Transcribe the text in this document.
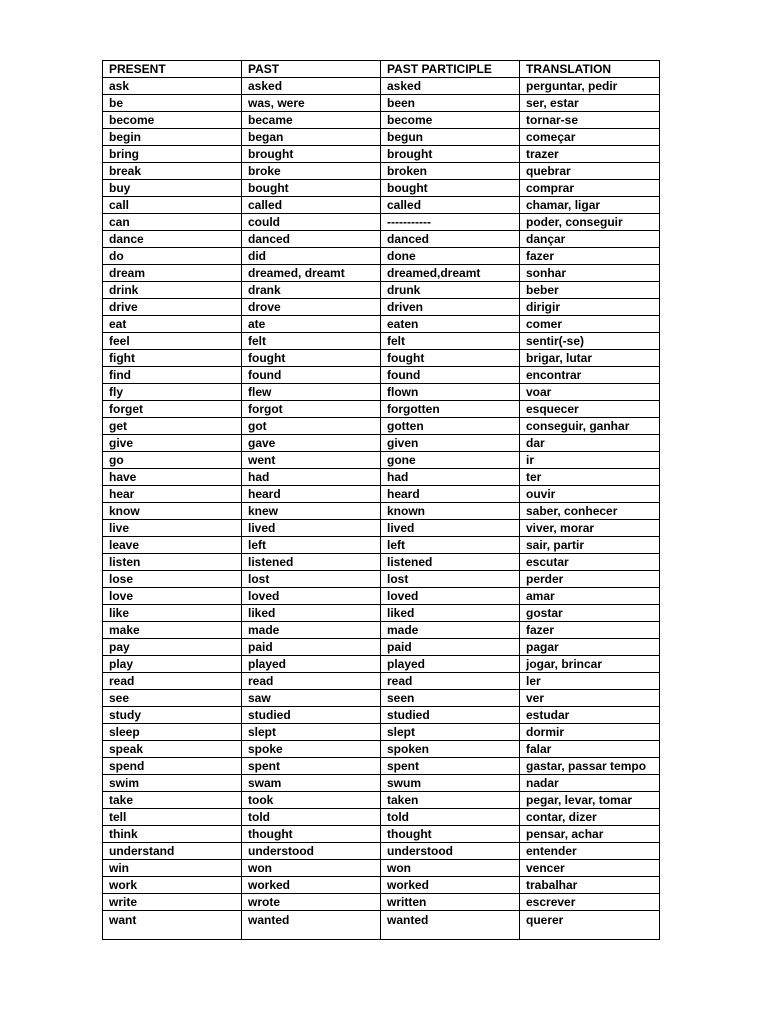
PRESENT	PAST	PAST PARTICIPLE	TRANSLATION
ask	asked	asked	perguntar, pedir
be	was, were	been	ser, estar
become	became	become	tornar-se
begin	began	begun	começar
bring	brought	brought	trazer
break	broke	broken	quebrar
buy	bought	bought	comprar
call	called	called	chamar, ligar
can	could	-----------	poder, conseguir
dance	danced	danced	dançar
do	did	done	fazer
dream	dreamed, dreamt	dreamed,dreamt	sonhar
drink	drank	drunk	beber
drive	drove	driven	dirigir
eat	ate	eaten	comer
feel	felt	felt	sentir(-se)
fight	fought	fought	brigar, lutar
find	found	found	encontrar
fly	flew	flown	voar
forget	forgot	forgotten	esquecer
get	got	gotten	conseguir, ganhar
give	gave	given	dar
go	went	gone	ir
have	had	had	ter
hear	heard	heard	ouvir
know	knew	known	saber, conhecer
live	lived	lived	viver, morar
leave	left	left	sair, partir
listen	listened	listened	escutar
lose	lost	lost	perder
love	loved	loved	amar
like	liked	liked	gostar
make	made	made	fazer
pay	paid	paid	pagar
play	played	played	jogar, brincar
read	read	read	ler
see	saw	seen	ver
study	studied	studied	estudar
sleep	slept	slept	dormir
speak	spoke	spoken	falar
spend	spent	spent	gastar, passar tempo
swim	swam	swum	nadar
take	took	taken	pegar, levar, tomar
tell	told	told	contar, dizer
think	thought	thought	pensar, achar
understand	understood	understood	entender
win	won	won	vencer
work	worked	worked	trabalhar
write	wrote	written	escrever
want	wanted	wanted	querer
